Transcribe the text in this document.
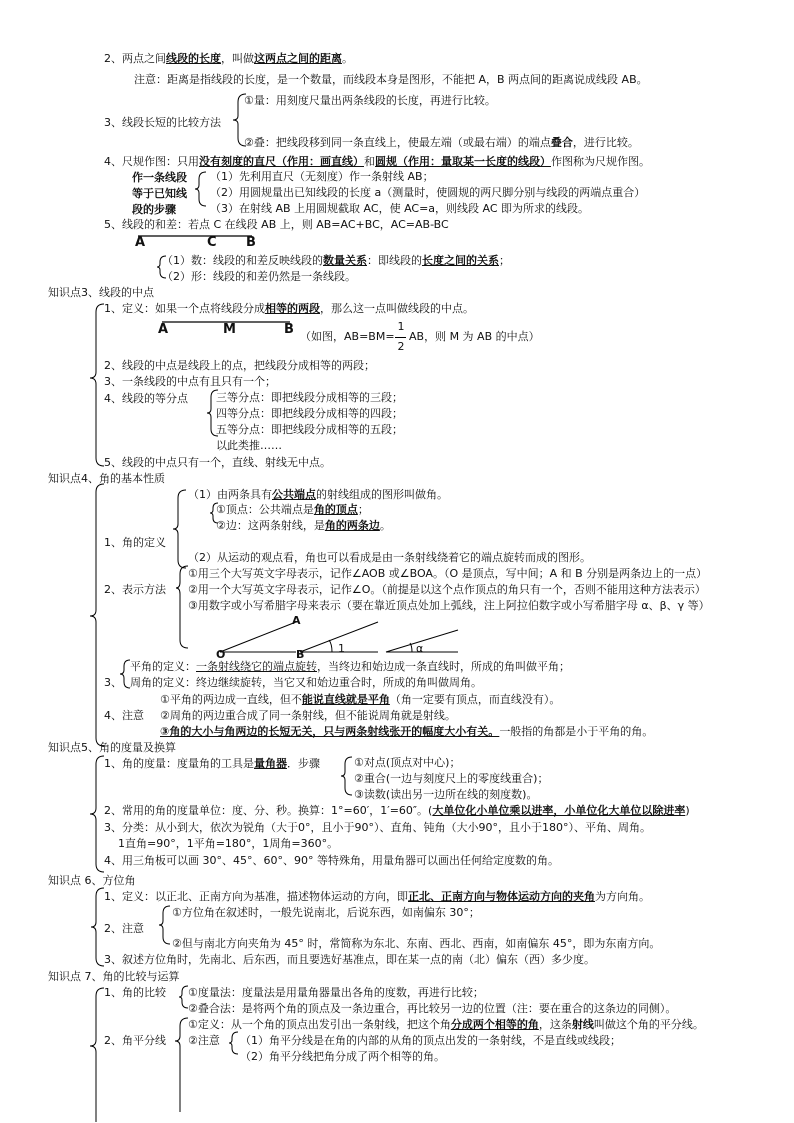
2、两点之间线段的长度，叫做这两点之间的距离。
注意：距离是指线段的长度，是一个数量，而线段本身是图形，不能把 A，B 两点间的距离说成线段 AB。
3、线段长短的比较方法
①量：用刻度尺量出两条线段的长度，再进行比较。
②叠：把线段移到同一条直线上，使最左端（或最右端）的端点叠合，进行比较。
4、尺规作图：只用没有刻度的直尺（作用：画直线）和圆规（作用：量取某一长度的线段）作图称为尺规作图。
作一条线段
等于已知线
段的步骤
（1）先利用直尺（无刻度）作一条射线 AB；
（2）用圆规量出已知线段的长度 a（测量时，使圆规的两尺脚分别与线段的两端点重合）
（3）在射线 AB 上用圆规截取 AC，使 AC=a，则线段 AC 即为所求的线段。
5、线段的和差：若点 C 在线段 AB 上，则 AB=AC+BC，AC=AB-BC
A	C B
（1）数：线段的和差反映线段的数量关系：即线段的长度之间的关系；
（2）形：线段的和差仍然是一条线段。
知识点3、线段的中点
1、定义：如果一个点将线段分成相等的两段，那么这一点叫做线段的中点。
A	M	B （如图，AB=BM=
1
2
AB，则 M 为 AB 的中点）
2、线段的中点是线段上的点，把线段分成相等的两段；
3、一条线段的中点有且只有一个；
4、线段的等分点	三等分点：即把线段分成相等的三段；
四等分点：即把线段分成相等的四段；
五等分点：即把线段分成相等的五段；
以此类推……
5、线段的中点只有一个，直线、射线无中点。
知识点4、角的基本性质
（1）由两条具有公共端点的射线组成的图形叫做角。
①顶点：公共端点是角的顶点；
②边：这两条射线，是角的两条边。
1、角的定义
（2）从运动的观点看，角也可以看成是由一条射线绕着它的端点旋转而成的图形。
①用三个大写英文字母表示，记作∠AOB 或∠BOA。（O 是顶点，写中间；A 和 B 分别是两条边上的一点）
2、表示方法 ②用一个大写英文字母表示，记作∠O。（前提是以这个点作顶点的角只有一个，否则不能用这种方法表示）
③用数字或小写希腊字母来表示（要在靠近顶点处加上弧线，注上阿拉伯数字或小写希腊字母 α、β、γ 等）
A
O	B	1	α
平角的定义：一条射线绕它的端点旋转，当终边和始边成一条直线时，所成的角叫做平角；
3、 周角的定义：终边继续旋转，当它又和始边重合时，所成的角叫做周角。
①平角的两边成一直线，但不能说直线就是平角（角一定要有顶点，而直线没有）。
4、注意 ②周角的两边重合成了同一条射线，但不能说周角就是射线。
③角的大小与角两边的长短无关，只与两条射线张开的幅度大小有关。一般指的角都是小于平角的角。
知识点5、角的度量及换算
1、角的度量：度量角的工具是量角器．步骤	①对点(顶点对中心)；
②重合(一边与刻度尺上的零度线重合)；
③读数(读出另一边所在线的刻度数)。
2、常用的角的度量单位：度、分、秒。换算：1°=60′，1′=60″。(大单位化小单位乘以进率，小单位化大单位以除进率)
3、分类：从小到大，依次为锐角（大于0°，且小于90°）、直角、钝角（大小90°，且小于180°）、平角、周角。
1直角=90°，1平角=180°，1周角=360°。
4、用三角板可以画 30°、45°、60°、90° 等特殊角，用量角器可以画出任何给定度数的角。
知识点 6、方位角
1、定义：以正北、正南方向为基准，描述物体运动的方向，即正北、正南方向与物体运动方向的夹角为方向角。
①方位角在叙述时，一般先说南北，后说东西，如南偏东 30°；
2、注意
②但与南北方向夹角为 45° 时，常简称为东北、东南、西北、西南，如南偏东 45°，即为东南方向。
3、叙述方位角时，先南北、后东西，而且要选好基准点，即在某一点的南（北）偏东（西）多少度。
知识点 7、角的比较与运算
1、角的比较 ①度量法：度量法是用量角器量出各角的度数，再进行比较；
②叠合法：是将两个角的顶点及一条边重合，再比较另一边的位置（注：要在重合的这条边的同侧）。
①定义：从一个角的顶点出发引出一条射线，把这个角分成两个相等的角，这条射线叫做这个角的平分线。
2、角平分线 ②注意 （1）角平分线是在角的内部的从角的顶点出发的一条射线，不是直线或线段；
（2）角平分线把角分成了两个相等的角。
